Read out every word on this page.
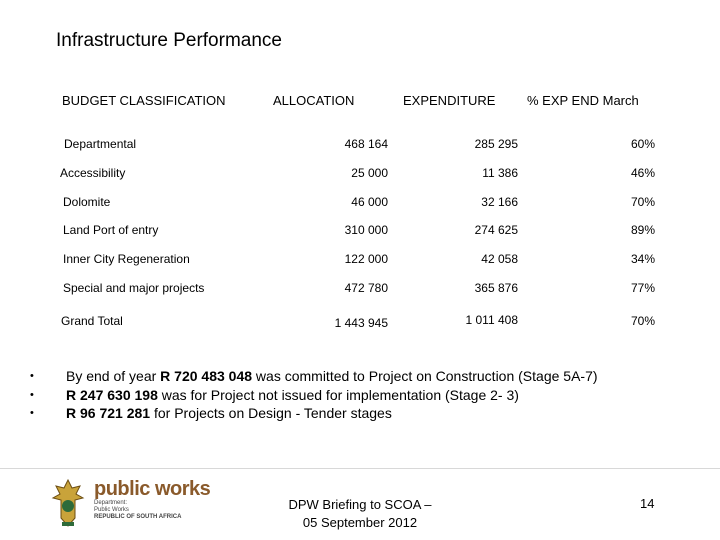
Infrastructure Performance
BUDGET CLASSIFICATION	ALLOCATION	EXPENDITURE % EXP END March
Departmental	468 164	285 295	60%
Accessibility	25 000	11 386	46%
Dolomite	46 000	32 166	70%
Land Port of entry	310 000	274 625	89%
Inner City Regeneration	122 000	42 058	34%
Special and major projects	472 780	365 876	77%
Grand Total	1 443 945	1 011 408	70%
•	By end of year R 720 483 048 was committed to Project on Construction (Stage 5A-7)
•	R 247 630 198 was for Project not issued for implementation (Stage 2- 3)
•	R 96 721 281 for Projects on Design - Tender stages
public works
Department:
Public Works
REPUBLIC OF SOUTH AFRICA
DPW Briefing to SCOA –
05 September 2012
14
